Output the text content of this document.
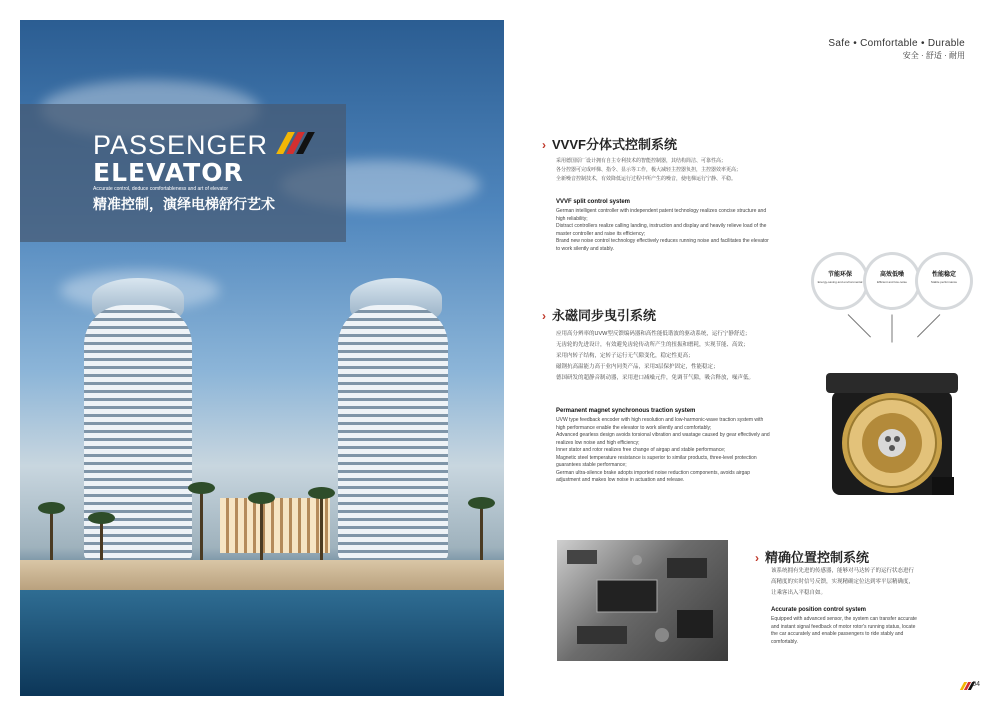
PASSENGER
ELEVATOR
Accurate control, deduce comfortableness and art of elevator
精准控制，演绎电梯舒行艺术
Safe • Comfortable • Durable
安全 · 舒适 · 耐用
› VVVF分体式控制系统
采用德国原厂设计拥有自主专利技术的智能控制器，其结构简洁、可靠性高；
各分控器可完成呼梯、指令、显示等工作，极大减轻主控器负担，主控器效率更高；
全新噪音控制技术，有效降低运行过程中所产生的噪音，使电梯运行宁静、平稳。
VVVF split control system
German intelligent controller with independent patent technology realizes concise structure and
high reliability;
Distract controllers realize calling landing, instruction and display and heavily relieve load of the
master controller and raise its efficiency;
Brand new noise control technology effectively reduces running noise and facilitates the elevator
to work silently and stably.
节能环保
Energy-saving and environmental
高效低噪
Efficient and low-noise
性能稳定
Stable performance
› 永磁同步曳引系统
应用高分辨率的UVW型反馈编码器和高性能低谐波的驱动系统，运行宁静舒适；
无齿轮的先进设计，有效避免齿轮传动所产生的扭振和磨耗，实现节能、高效；
采用内转子结构，定转子运行无气隙变化，稳定性更高；
磁钢抗高温能力高于业内同类产品，采用3层保护固定，性能稳定；
德国研发的超静音制动器，采用进口减噪元件，免调节气隙，吸合释放，噪声低。
Permanent magnet synchronous traction system
UVW type feedback encoder with high resolution and low-harmonic-wave traction system with
high performance enable the elevator to work silently and comfortably;
Advanced gearless design avoids torsional vibration and wastage caused by gear effectively and
realizes low noise and high efficiency;
Inner stator and rotor realizes free change of airgap and stable performance;
Magnetic steel temperature resistance is superior to similar products, three-level protection
guarantees stable performance;
German ultra-silence brake adopts imported noise reduction components, avoids airgap
adjustment and makes low noise in actuation and release.
› 精确位置控制系统
该系统拥有先进的传感器，能够对马达转子的运行状态进行
高精度的实时信号反馈，实现精确定位达到零平层精确度，
让乘客出入平稳自如。
Accurate position control system
Equipped with advanced sensor, the system can transfer accurate
and instant signal feedback of motor rotor's running status, locate
the car accurately and enable passengers to ride stably and
comfortably.
04
